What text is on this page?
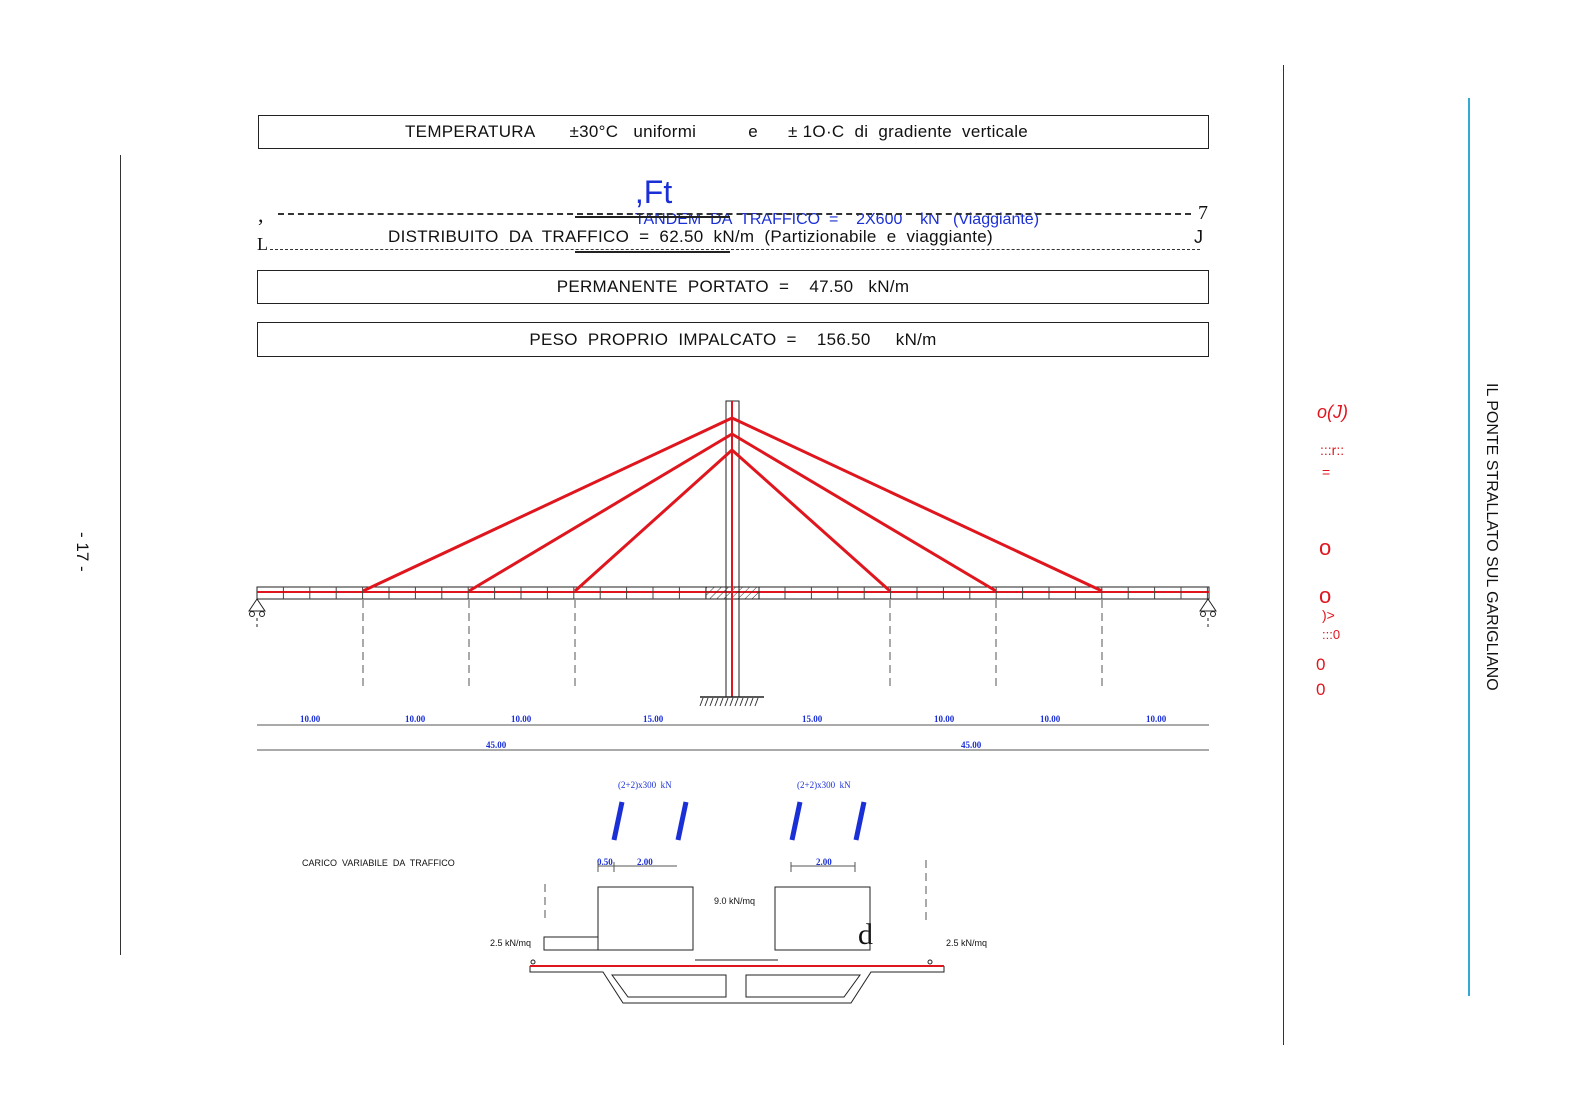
- 17 -	IL PONTE STRALLATO SUL GARIGLIANO
TEMPERATURA ±30°C   uniformi	e ± 1O·C  di  gradiente  verticale

,Ft
TANDEM  DA  TRAFFICO  =    2X600    kN   (Viaggiante)

,
L
7
J
DISTRIBUITO  DA  TRAFFICO  =  62.50  kN/m  (Partizionabile  e  viaggiante)
PERMANENTE  PORTATO  =    47.50   kN/m
PESO  PROPRIO  IMPALCATO  =    156.50     kN/m
10.00	10.00	10.00	15.00	15.00	10.00	10.00	10.00
45.00	45.00
CARICO  VARIABILE  DA  TRAFFICO
(2+2)x300  kN	(2+2)x300  kN
0.50	2.00	2.00
9.0 kN/mq
2.5 kN/mq	2.5 kN/mq
d
o(J)
:::r::
=
o
o
)>
:::0
0
0
